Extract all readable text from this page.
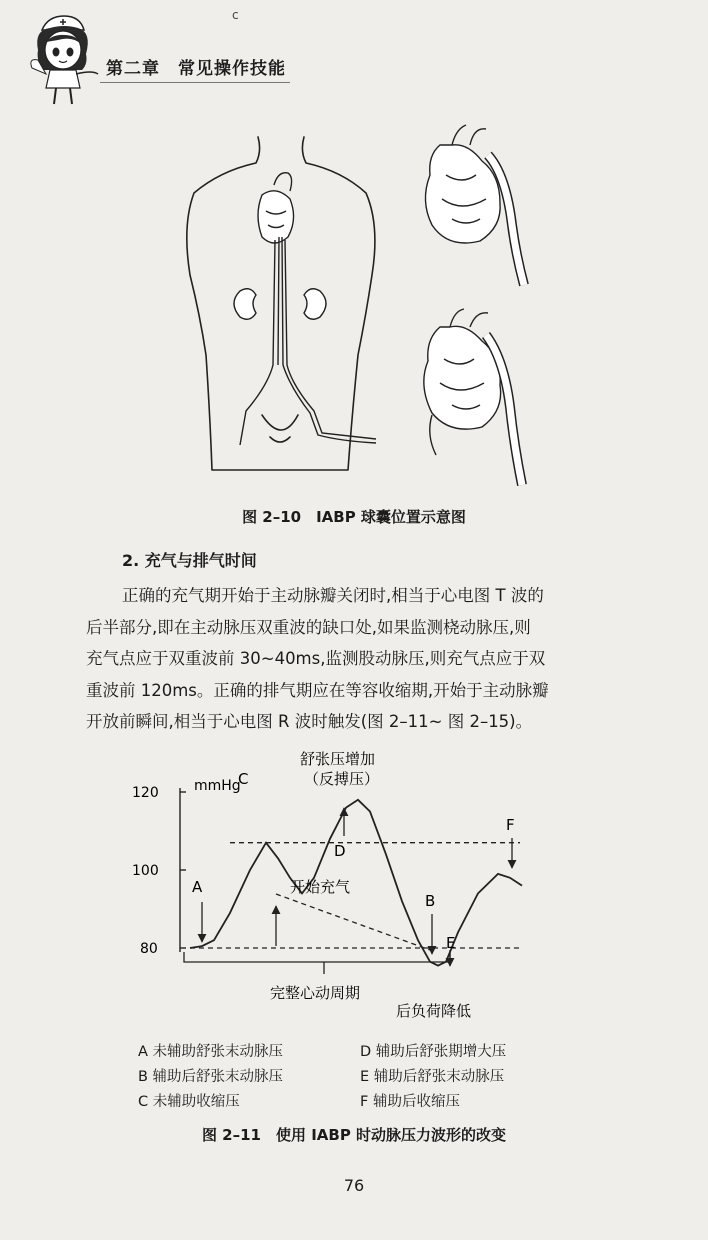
c
第二章　常见操作技能
图 2–10　IABP 球囊位置示意图
2. 充气与排气时间
正确的充气期开始于主动脉瓣关闭时,相当于心电图 T 波的
后半部分,即在主动脉压双重波的缺口处,如果监测桡动脉压,则
充气点应于双重波前 30~40ms,监测股动脉压,则充气点应于双
重波前 120ms。正确的排气期应在等容收缩期,开始于主动脉瓣
开放前瞬间,相当于心电图 R 波时触发(图 2–11~ 图 2–15)。
120
100
80
mmHg
A
B
C
D
E
F
舒张压增加
（反搏压）
开始充气
完整心动周期
后负荷降低
A 未辅助舒张末动脉压	D 辅助后舒张期增大压
B 辅助后舒张末动脉压	E 辅助后舒张末动脉压
C 未辅助收缩压	F 辅助后收缩压
图 2–11　使用 IABP 时动脉压力波形的改变
76
